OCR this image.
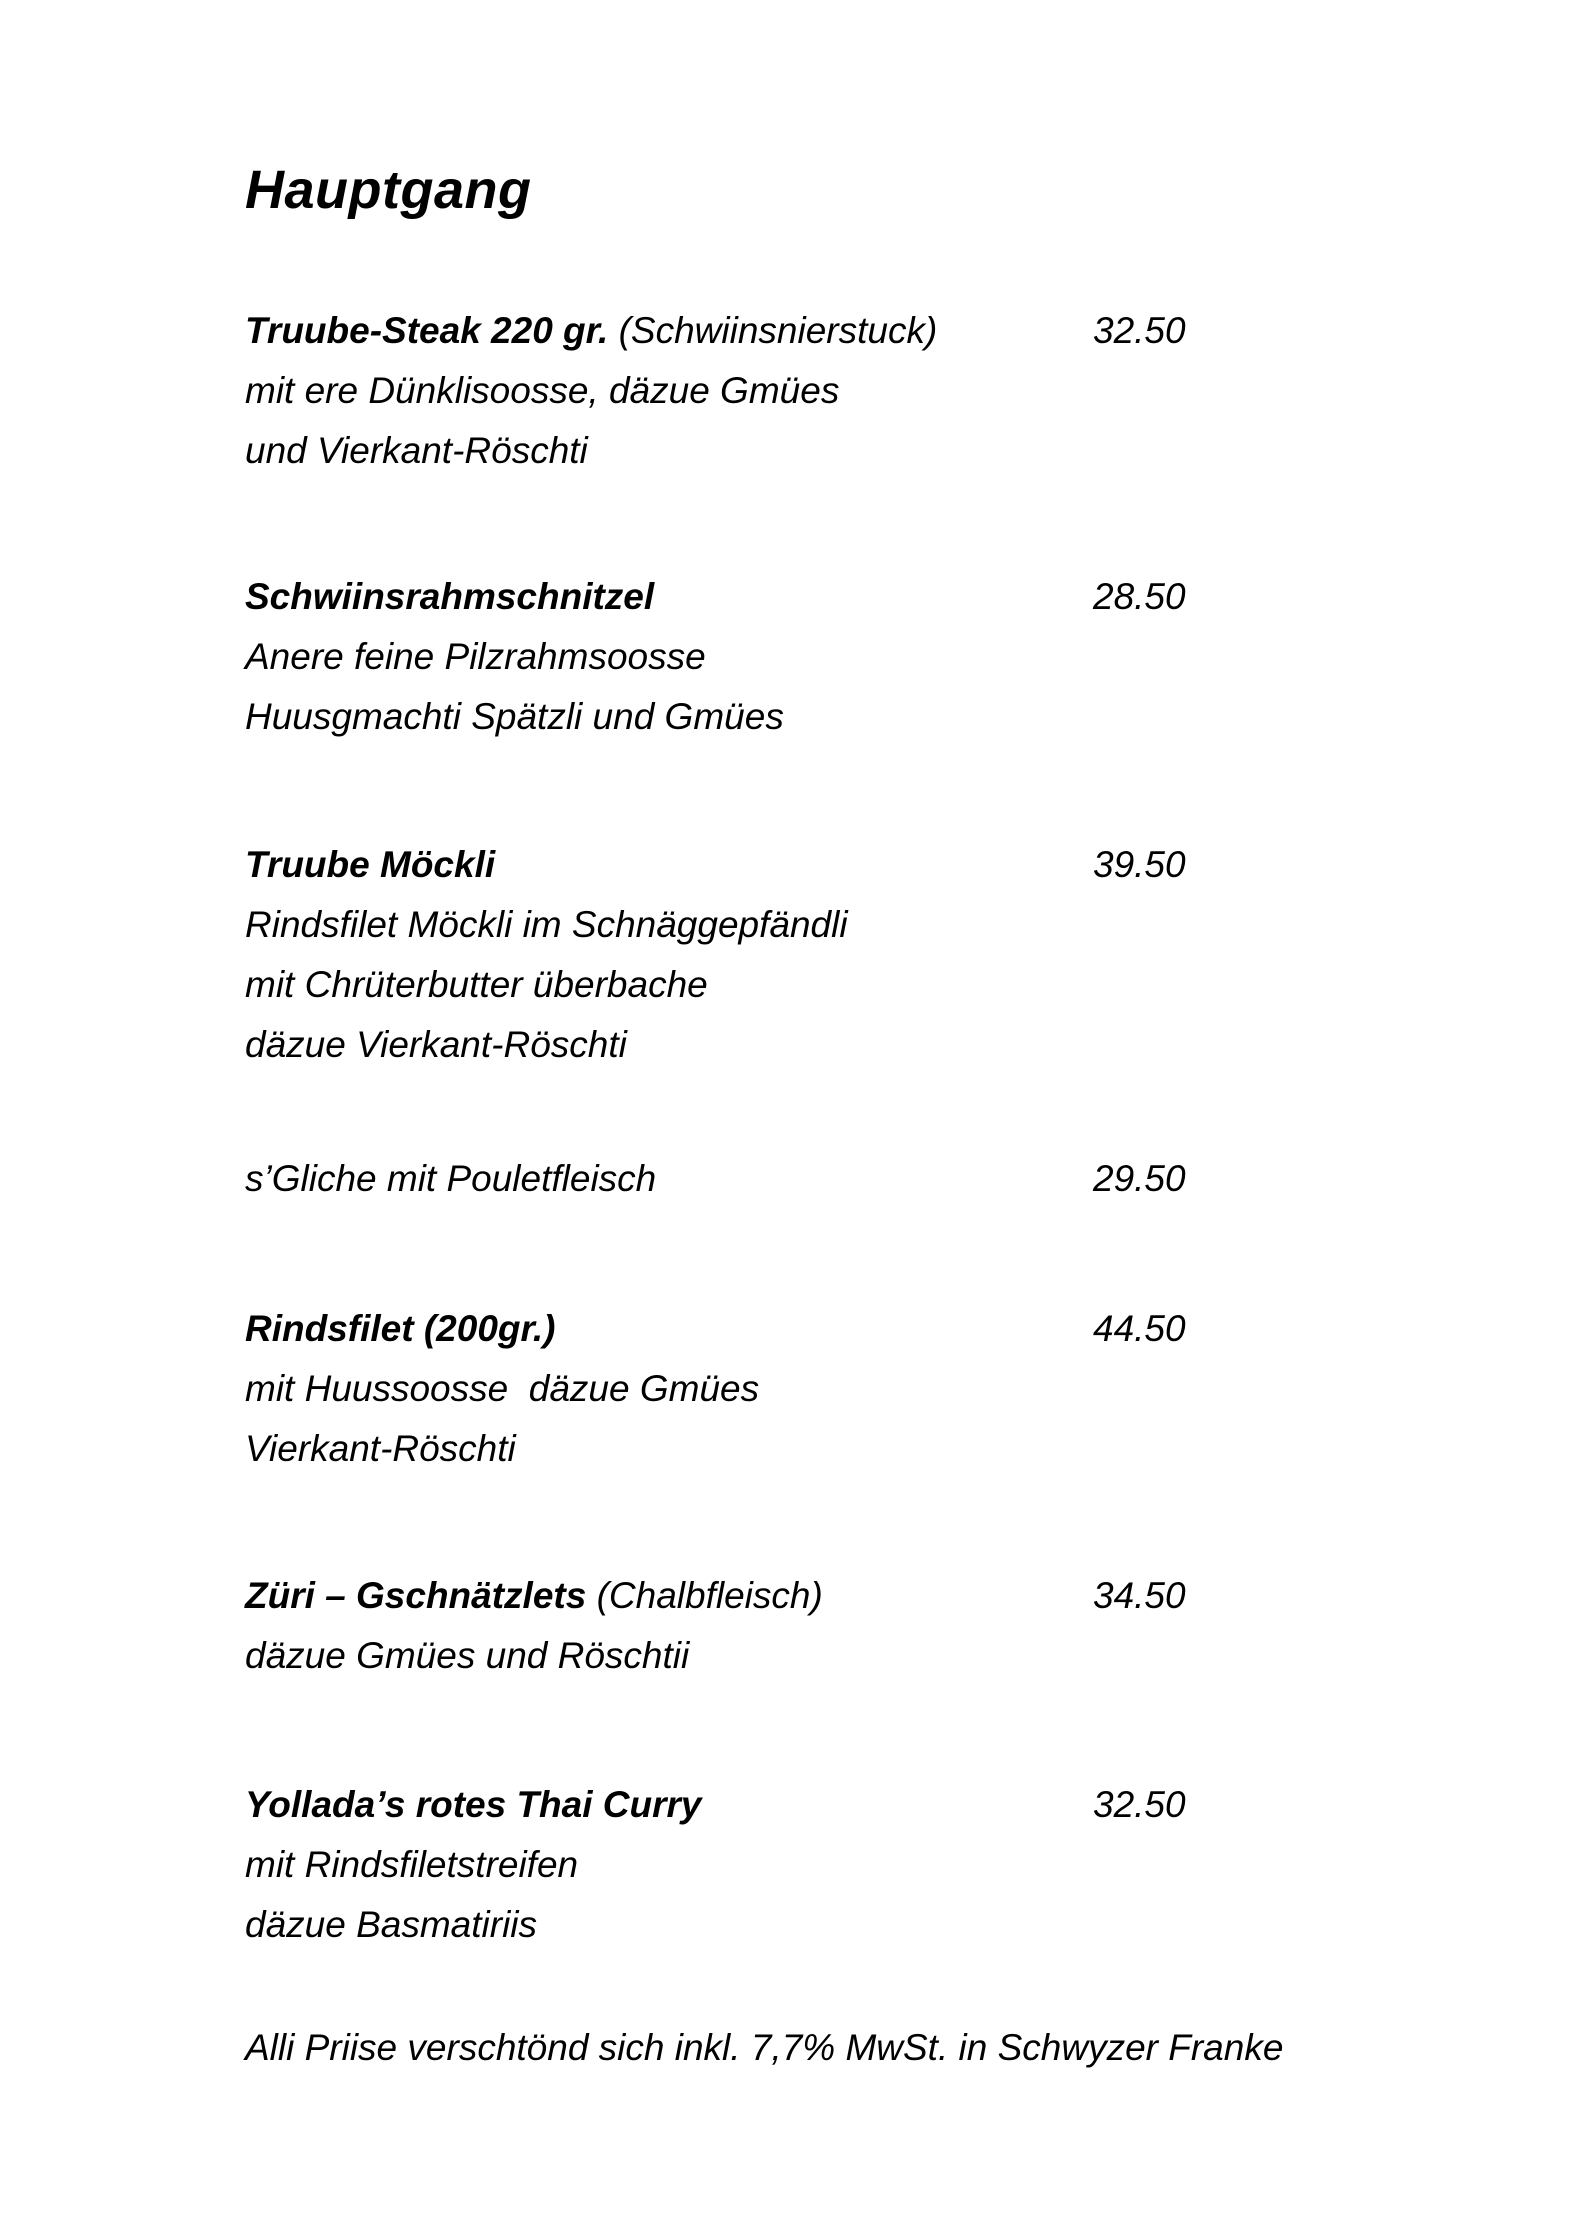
Hauptgang
Truube-Steak 220 gr. (Schwiinsnierstuck)
mit ere Dünklisoosse, däzue Gmües
und Vierkant-Röschti
32.50
Schwiinsrahmschnitzel
Anere feine Pilzrahmsoosse
Huusgmachti Spätzli und Gmües
28.50
Truube Möckli
Rindsfilet Möckli im Schnäggepfändli
mit Chrüterbutter überbache
däzue Vierkant-Röschti
39.50
s’Gliche mit Pouletfleisch	29.50
Rindsfilet (200gr.)
mit Huussoosse  däzue Gmües
Vierkant-Röschti
44.50
Züri – Gschnätzlets (Chalbfleisch)
däzue Gmües und Röschtii
34.50
Yollada’s rotes Thai Curry
mit Rindsfiletstreifen
däzue Basmatiriis
32.50
Alli Priise verschtönd sich inkl. 7,7% MwSt. in Schwyzer Franke
